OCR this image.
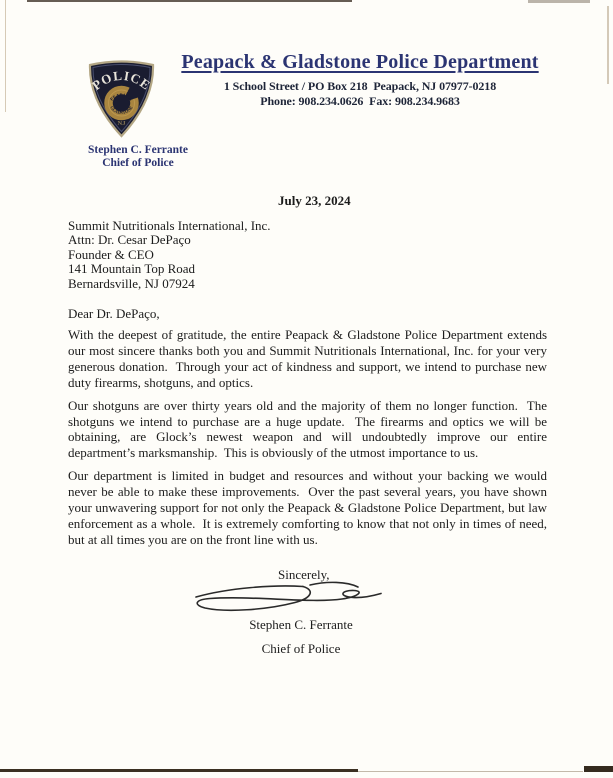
POLICE
PEAPACK
GLADSTONE
NJ
Peapack & Gladstone Police Department
1 School Street / PO Box 218  Peapack, NJ 07977-0218
Phone: 908.234.0626  Fax: 908.234.9683
Stephen C. Ferrante
Chief of Police
July 23, 2024
Summit Nutritionals International, Inc.
Attn: Dr. Cesar DePaço
Founder & CEO
141 Mountain Top Road
Bernardsville, NJ 07924
Dear Dr. DePaço,

With the deepest of gratitude, the entire Peapack & Gladstone Police Department extends our most sincere thanks both you and Summit Nutritionals International, Inc. for your very generous donation.  Through your act of kindness and support, we intend to purchase new duty firearms, shotguns, and optics.

Our shotguns are over thirty years old and the majority of them no longer function.  The shotguns we intend to purchase are a huge update.  The firearms and optics we will be obtaining, are Glock’s newest weapon and will undoubtedly improve our entire department’s marksmanship.  This is obviously of the utmost importance to us.

Our department is limited in budget and resources and without your backing we would never be able to make these improvements.  Over the past several years, you have shown your unwavering support for not only the Peapack & Gladstone Police Department, but law enforcement as a whole.  It is extremely comforting to know that not only in times of need, but at all times you are on the front line with us.

Sincerely,
Stephen C. Ferrante
Chief of Police
